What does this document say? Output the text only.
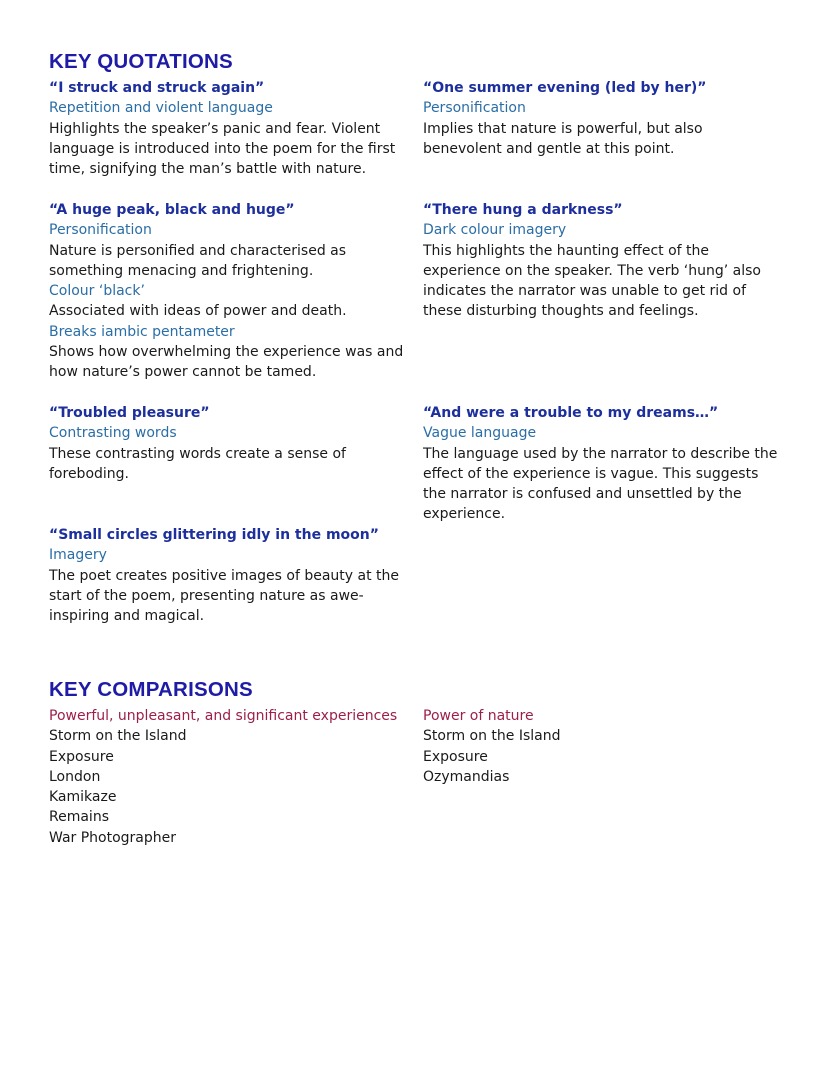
KEY QUOTATIONS
“I struck and struck again”
Repetition and violent language
Highlights the speaker’s panic and fear. Violent language is introduced into the poem for the first time, signifying the man’s battle with nature.
“A huge peak, black and huge”
Personification
Nature is personified and characterised as something menacing and frightening.
Colour ‘black’
Associated with ideas of power and death.
Breaks iambic pentameter
Shows how overwhelming the experience was and how nature’s power cannot be tamed.
“Troubled pleasure”
Contrasting words
These contrasting words create a sense of foreboding.
“Small circles glittering idly in the moon”
Imagery
The poet creates positive images of beauty at the start of the poem, presenting nature as awe-inspiring and magical.
“One summer evening (led by her)”
Personification
Implies that nature is powerful, but also benevolent and gentle at this point.
“There hung a darkness”
Dark colour imagery
This highlights the haunting effect of the experience on the speaker. The verb ‘hung’ also indicates the narrator was unable to get rid of these disturbing thoughts and feelings.
“And were a trouble to my dreams…”
Vague language
The language used by the narrator to describe the effect of the experience is vague. This suggests the narrator is confused and unsettled by the experience.
KEY COMPARISONS
Powerful, unpleasant, and significant experiences
Storm on the Island
Exposure
London
Kamikaze
Remains
War Photographer
Power of nature
Storm on the Island
Exposure
Ozymandias
